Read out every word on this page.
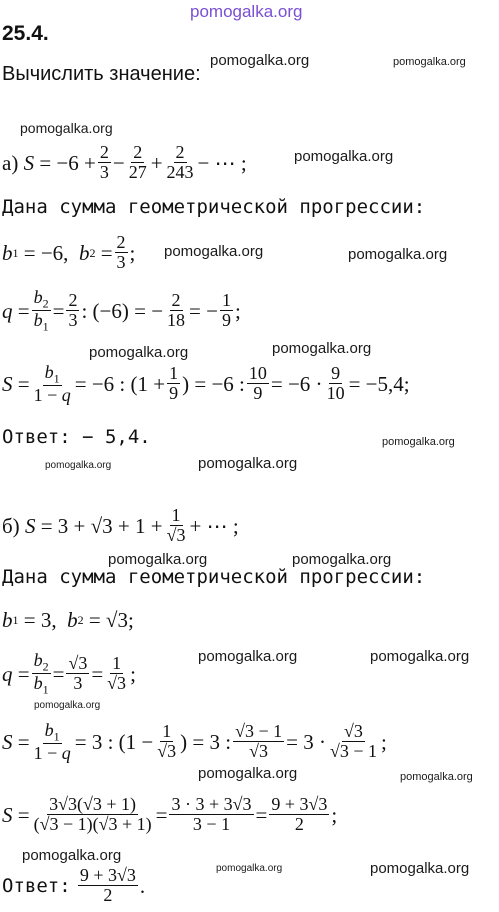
pomogalka.org
25.4.
Вычислить значение:
pomogalka.org	pomogalka.org
pomogalka.org
а)
$S = -6 + \frac{2}{3} - \frac{2}{27} + \frac{2}{243}$ − ⋯ ;	pomogalka.org
Дана сумма геометрической прогрессии:
b 1 = −6, b $2 = \frac{2}{3}$ ; pomogalka.org	pomogalka.org
$q = \frac{b_2}{b_1} = \frac{2}{3}$ : (−6) = − $\frac{2}{18}$ = − $\frac{1}{9}$ ;
pomogalka.org	pomogalka.org
$S = \frac{b_1}{1 - q} = -6$ : ($1 + \frac{1}{9}$ ) = −6 : $\frac{10}{9} = -6 \cdot \frac{9}{10} = -5,4$;
Ответ: − 5,4.	pomogalka.org
pomogalka.org	pomogalka.org
б)
$S = 3 + √3 + 1 + \frac{1}{√3}$ + ⋯ ;
pomogalka.org	pomogalka.org
Дана сумма геометрической прогрессии:
b 1 = 3, b 2 = √3;
$q = \frac{b_2}{b_1} = \frac{√3}{3} = \frac{1}{√3}$ ;
pomogalka.org	pomogalka.org
pomogalka.org
$S = \frac{b_1}{1 - q} = 3$ : ($1 - \frac{1}{√3}$ ) = 3 : $\frac{√3 - 1}{√3} = 3 \cdot \frac{√3}{√3 - 1}$ ;
pomogalka.org	pomogalka.org
$S = \frac{3√3(√3 + 1)}{(√3 - 1)(√3 + 1)} = \frac{3 \cdot 3 + 3√3}{3 - 1} = \frac{9 + 3√3}{2}$ ;
pomogalka.org
pomogalka.org	pomogalka.org
Ответ:
$\frac{9 + 3√3}{2}$ .
